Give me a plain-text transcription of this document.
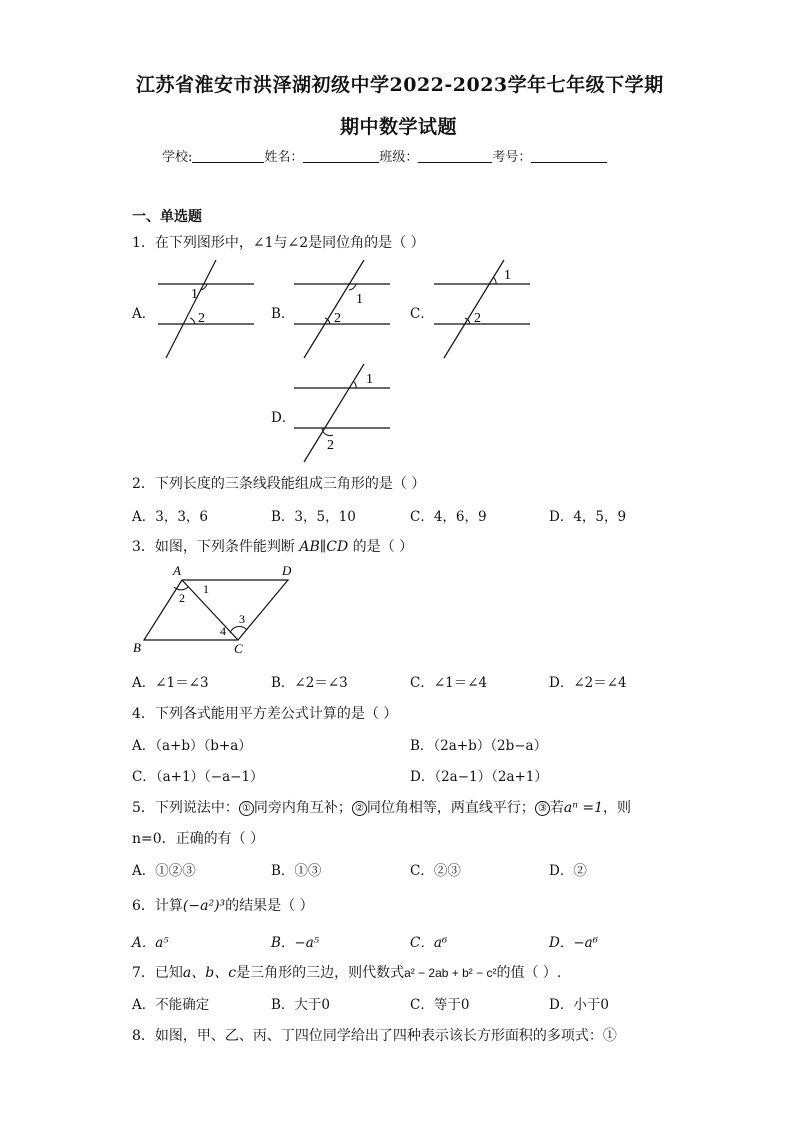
江苏省淮安市洪泽湖初级中学2022-2023学年七年级下学期
期中数学试题
学校:	姓名：	班级：	考号：
一、单选题
1．在下列图形中，∠1与∠2是同位角的是（ ）
A．
1
2	B．
1
2	C．
1
2
D．
1
2
2．下列长度的三条线段能组成三角形的是（ ）
A．3，3，6	B．3，5，10	C．4，6，9	D．4，5，9
3．如图，下列条件能判断 AB∥CD 的是（ ）
A	D
B	C
1
2
3
4
A．∠1＝∠3	B．∠2＝∠3	C．∠1＝∠4	D．∠2＝∠4
4．下列各式能用平方差公式计算的是（ ）
A．（a+b）（b+a）	B．（2a+b）（2b−a）
C．（a+1）（−a−1）	D．（2a−1）（2a+1）
5．下列说法中： ① 同旁内角互补； ② 同位角相等，两直线平行； ③ 若aⁿ =1，则
n=0．正确的有（ ）
A．①②③	B．①③	C．②③	D．②
6．计算(−a²)³的结果是（ ）
A．a⁵	B．−a⁵	C．a⁶	D．−a⁶
7．已知a、b、c是三角形的三边，则代数式a² − 2ab + b² − c²的值（ ）.
A．不能确定	B．大于0	C．等于0	D．小于0
8．如图，甲、乙、丙、丁四位同学给出了四种表示该长方形面积的多项式：①
